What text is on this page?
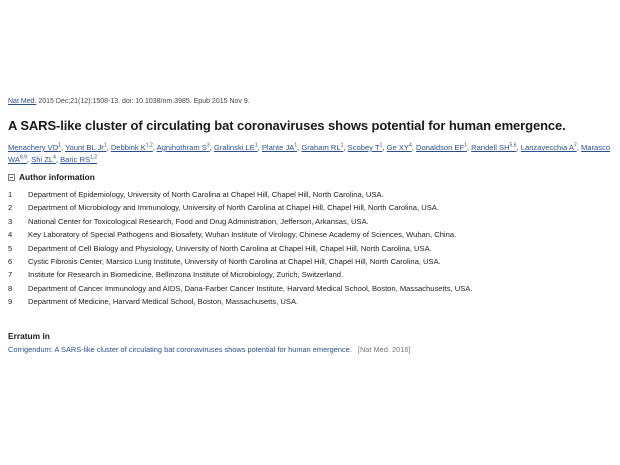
Nat Med. 2015 Dec;21(12):1508-13. doi: 10.1038/nm.3985. Epub 2015 Nov 9.
A SARS-like cluster of circulating bat coronaviruses shows potential for human emergence.
Menachery $VD^1$, Yount BL Jr$^1$, Debbink K$^{1,2}$, Agnihothram $S^3$, Gralinski $LE^1$, Plante $JA^1$, Graham $RL^1$, Scobey $T^1$, Ge $XY^4$, Donaldson $EF^1$, Randell SH$^{5,6}$, Lanzavecchia $A^7$, Marasco WA$^{8,9}$, Shi $ZL^4$, Baric RS$^{1,2}$
Author information
1	Department of Epidemiology, University of North Carolina at Chapel Hill, Chapel Hill, North Carolina, USA.
2	Department of Microbiology and Immunology, University of North Carolina at Chapel Hill, Chapel Hill, North Carolina, USA.
3	National Center for Toxicological Research, Food and Drug Administration, Jefferson, Arkansas, USA.
4	Key Laboratory of Special Pathogens and Biosafety, Wuhan Institute of Virology, Chinese Academy of Sciences, Wuhan, China.
5	Department of Cell Biology and Physiology, University of North Carolina at Chapel Hill, Chapel Hill, North Carolina, USA.
6	Cystic Fibrosis Center, Marsico Lung Institute, University of North Carolina at Chapel Hill, Chapel Hill, North Carolina, USA.
7	Institute for Research in Biomedicine, Bellinzona Institute of Microbiology, Zurich, Switzerland.
8	Department of Cancer Immunology and AIDS, Dana-Farber Cancer Institute, Harvard Medical School, Boston, Massachusetts, USA.
9	Department of Medicine, Harvard Medical School, Boston, Massachusetts, USA.
Erratum in
Corrigendum: A SARS-like cluster of circulating bat coronaviruses shows potential for human emergence. [Nat Med. 2016]
